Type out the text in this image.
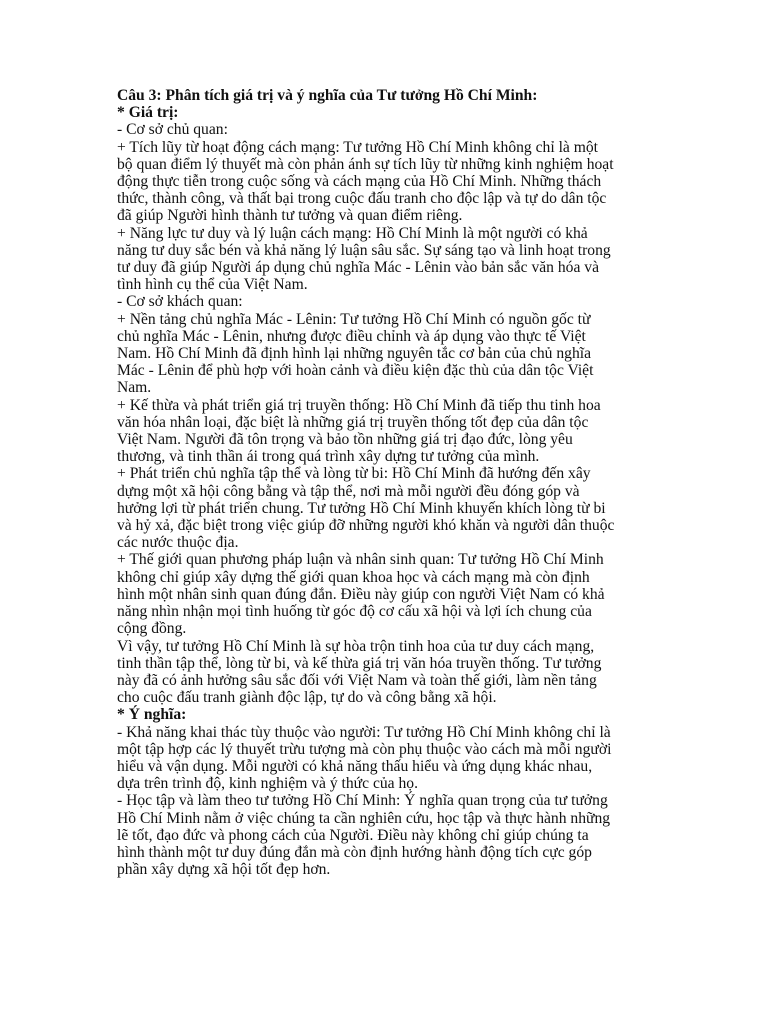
Câu 3: Phân tích giá trị và ý nghĩa của Tư tưởng Hồ Chí Minh:
* Giá trị:
- Cơ sở chủ quan:
+ Tích lũy từ hoạt động cách mạng: Tư tưởng Hồ Chí Minh không chỉ là một
bộ quan điểm lý thuyết mà còn phản ánh sự tích lũy từ những kinh nghiệm hoạt
động thực tiễn trong cuộc sống và cách mạng của Hồ Chí Minh. Những thách
thức, thành công, và thất bại trong cuộc đấu tranh cho độc lập và tự do dân tộc
đã giúp Người hình thành tư tưởng và quan điểm riêng.
+ Năng lực tư duy và lý luận cách mạng: Hồ Chí Minh là một người có khả
năng tư duy sắc bén và khả năng lý luận sâu sắc. Sự sáng tạo và linh hoạt trong
tư duy đã giúp Người áp dụng chủ nghĩa Mác - Lênin vào bản sắc văn hóa và
tình hình cụ thể của Việt Nam.
- Cơ sở khách quan:
+ Nền tảng chủ nghĩa Mác - Lênin: Tư tưởng Hồ Chí Minh có nguồn gốc từ
chủ nghĩa Mác - Lênin, nhưng được điều chỉnh và áp dụng vào thực tế Việt
Nam. Hồ Chí Minh đã định hình lại những nguyên tắc cơ bản của chủ nghĩa
Mác - Lênin để phù hợp với hoàn cảnh và điều kiện đặc thù của dân tộc Việt
Nam.
+ Kế thừa và phát triển giá trị truyền thống: Hồ Chí Minh đã tiếp thu tinh hoa
văn hóa nhân loại, đặc biệt là những giá trị truyền thống tốt đẹp của dân tộc
Việt Nam. Người đã tôn trọng và bảo tồn những giá trị đạo đức, lòng yêu
thương, và tinh thần ái trong quá trình xây dựng tư tưởng của mình.
+ Phát triển chủ nghĩa tập thể và lòng từ bi: Hồ Chí Minh đã hướng đến xây
dựng một xã hội công bằng và tập thể, nơi mà mỗi người đều đóng góp và
hưởng lợi từ phát triển chung. Tư tưởng Hồ Chí Minh khuyến khích lòng từ bi
và hỷ xả, đặc biệt trong việc giúp đỡ những người khó khăn và người dân thuộc
các nước thuộc địa.
+ Thế giới quan phương pháp luận và nhân sinh quan: Tư tưởng Hồ Chí Minh
không chỉ giúp xây dựng thế giới quan khoa học và cách mạng mà còn định
hình một nhân sinh quan đúng đắn. Điều này giúp con người Việt Nam có khả
năng nhìn nhận mọi tình huống từ góc độ cơ cấu xã hội và lợi ích chung của
cộng đồng.
Vì vậy, tư tưởng Hồ Chí Minh là sự hòa trộn tinh hoa của tư duy cách mạng,
tinh thần tập thể, lòng từ bi, và kế thừa giá trị văn hóa truyền thống. Tư tưởng
này đã có ảnh hưởng sâu sắc đối với Việt Nam và toàn thế giới, làm nền tảng
cho cuộc đấu tranh giành độc lập, tự do và công bằng xã hội.
* Ý nghĩa:
- Khả năng khai thác tùy thuộc vào người: Tư tưởng Hồ Chí Minh không chỉ là
một tập hợp các lý thuyết trừu tượng mà còn phụ thuộc vào cách mà mỗi người
hiểu và vận dụng. Mỗi người có khả năng thấu hiểu và ứng dụng khác nhau,
dựa trên trình độ, kinh nghiệm và ý thức của họ.
- Học tập và làm theo tư tưởng Hồ Chí Minh: Ý nghĩa quan trọng của tư tưởng
Hồ Chí Minh nằm ở việc chúng ta cần nghiên cứu, học tập và thực hành những
lẽ tốt, đạo đức và phong cách của Người. Điều này không chỉ giúp chúng ta
hình thành một tư duy đúng đắn mà còn định hướng hành động tích cực góp
phần xây dựng xã hội tốt đẹp hơn.
